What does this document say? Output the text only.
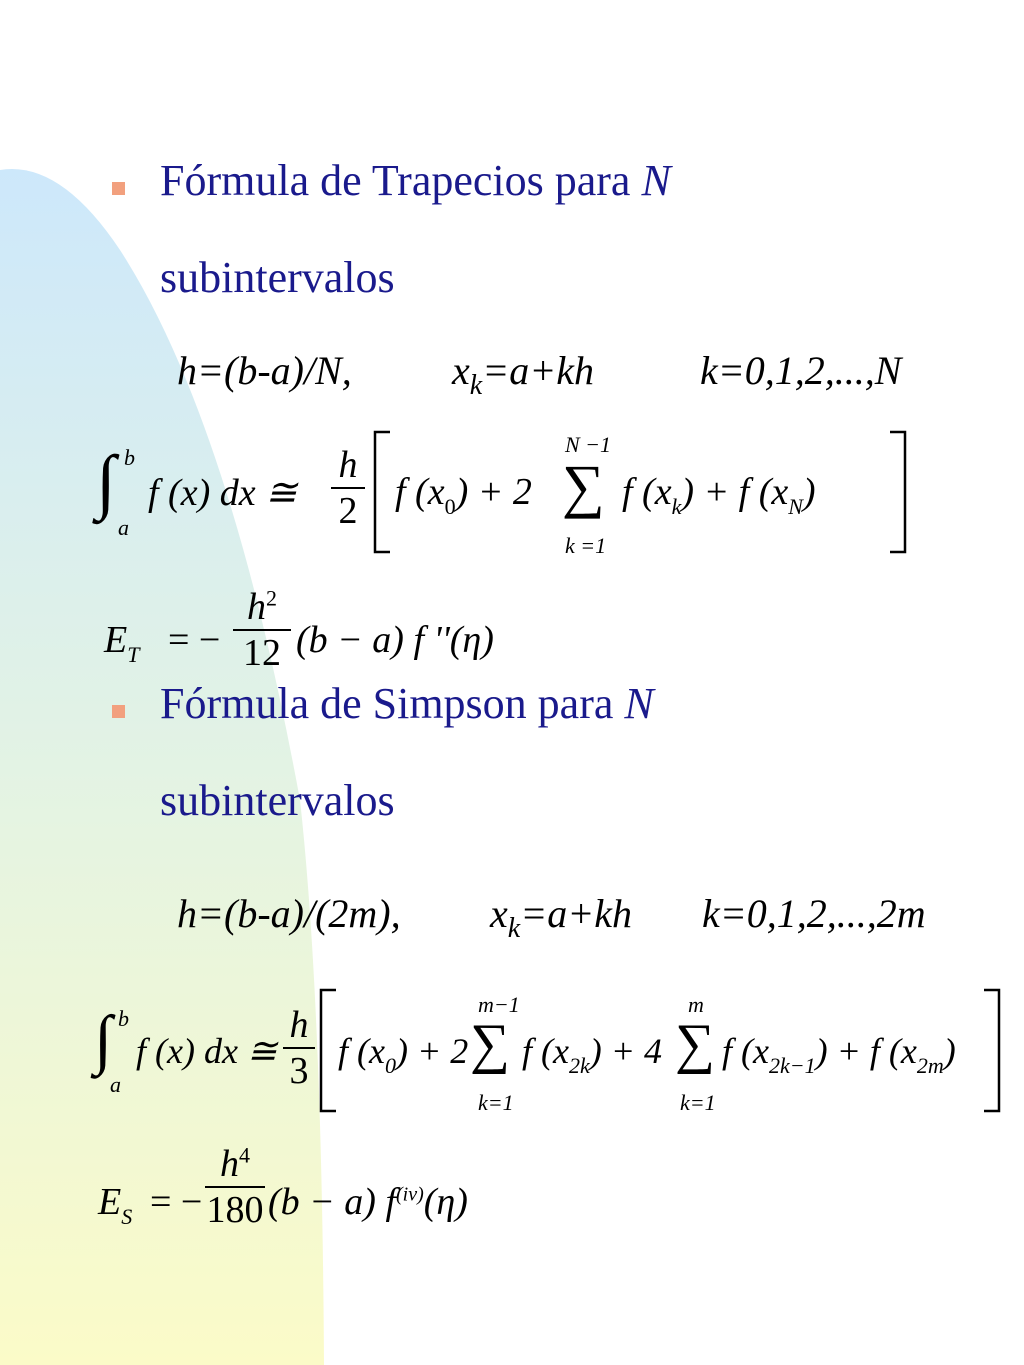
Fórmula de Trapecios para N
subintervalos
h=(b-a)/N,	$x_k=a+kh$	k=0,1,2,...,N
∫ b
a
f (x) dx ≅
h
2 f $(x_0) + 2$
N −1
∑
k =1
f $(x_k) + f$ $(x_N)$
$E_T$ = −
$h^2$
12 (b − a) f ''(η)
Fórmula de Simpson para N
subintervalos
h=(b-a)/(2m), $x_k=a+kh$ k=0,1,2,...,2m
∫ b
a
f (x) dx ≅
h
3 f $(x_0) + 2$
m−1
∑
k=1
f $(x_{2k}) + 4$
m
∑
k=1
f $(x_{2k-1}) + f$ $(x_{2m})$
$E_S$ = −
$h^4$
180 (b − a) $f^{(iv)}(\eta)$
